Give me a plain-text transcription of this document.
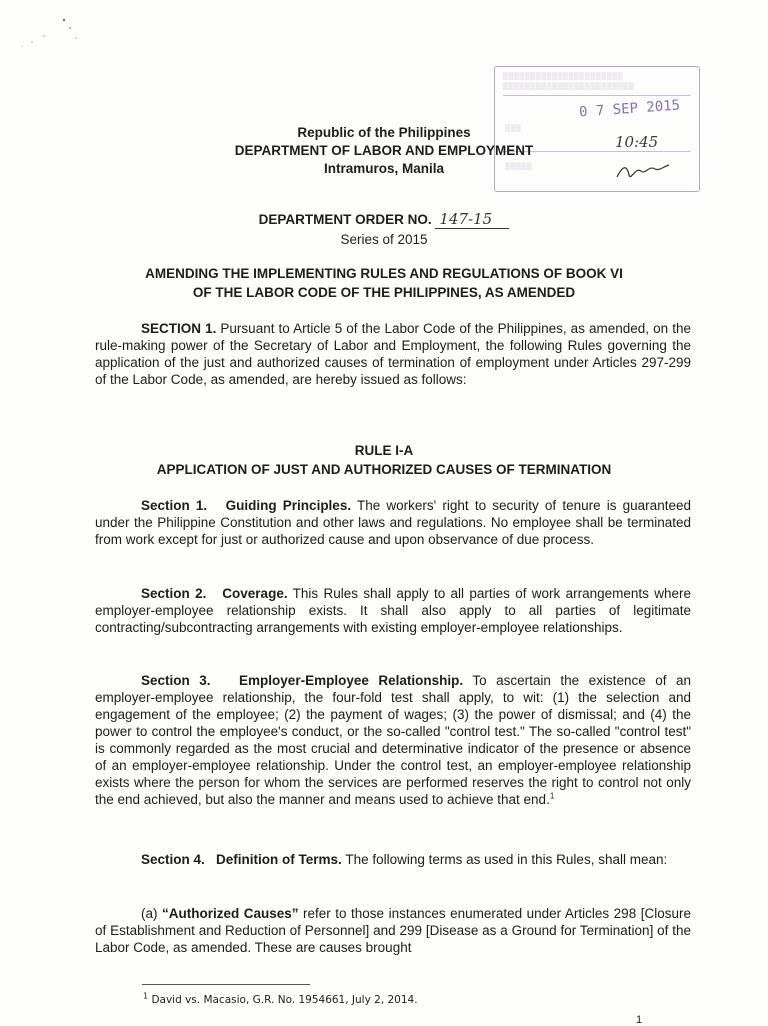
▒▒▒▒▒▒▒▒▒▒▒▒▒▒▒▒▒▒▒▒▒▒
▒▒▒▒▒▒▒▒▒▒▒▒▒▒▒▒▒▒▒▒▒▒▒▒
0 7 SEP 2015
▒▒▒
10:45
▒▒▒▒▒
Republic of the Philippines
DEPARTMENT OF LABOR AND EMPLOYMENT
Intramuros, Manila
DEPARTMENT ORDER NO. 147-15
Series of 2015
AMENDING THE IMPLEMENTING RULES AND REGULATIONS OF BOOK VI
OF THE LABOR CODE OF THE PHILIPPINES, AS AMENDED

SECTION 1. Pursuant to Article 5 of the Labor Code of the Philippines, as amended, on the rule-making power of the Secretary of Labor and Employment, the following Rules governing the application of the just and authorized causes of termination of employment under Articles 297-299 of the Labor Code, as amended, are hereby issued as follows:

RULE I-A
APPLICATION OF JUST AND AUTHORIZED CAUSES OF TERMINATION

Section 1. Guiding Principles. The workers' right to security of tenure is guaranteed under the Philippine Constitution and other laws and regulations. No employee shall be terminated from work except for just or authorized cause and upon observance of due process.

Section 2. Coverage. This Rules shall apply to all parties of work arrangements where employer-employee relationship exists. It shall also apply to all parties of legitimate contracting/subcontracting arrangements with existing employer-employee relationships.

Section 3. Employer-Employee Relationship. To ascertain the existence of an employer-employee relationship, the four-fold test shall apply, to wit: (1) the selection and engagement of the employee; (2) the payment of wages; (3) the power of dismissal; and (4) the power to control the employee's conduct, or the so-called "control test." The so-called "control test" is commonly regarded as the most crucial and determinative indicator of the presence or absence of an employer-employee relationship. Under the control test, an employer-employee relationship exists where the person for whom the services are performed reserves the right to control not only the end achieved, but also the manner and means used to achieve that end.$^1$

Section 4. Definition of Terms. The following terms as used in this Rules, shall mean:

(a) “Authorized Causes” refer to those instances enumerated under Articles 298 [Closure of Establishment and Reduction of Personnel] and 299 [Disease as a Ground for Termination] of the Labor Code, as amended. These are causes brought

$^1$ David vs. Macasio, G.R. No. 1954661, July 2, 2014.
1
